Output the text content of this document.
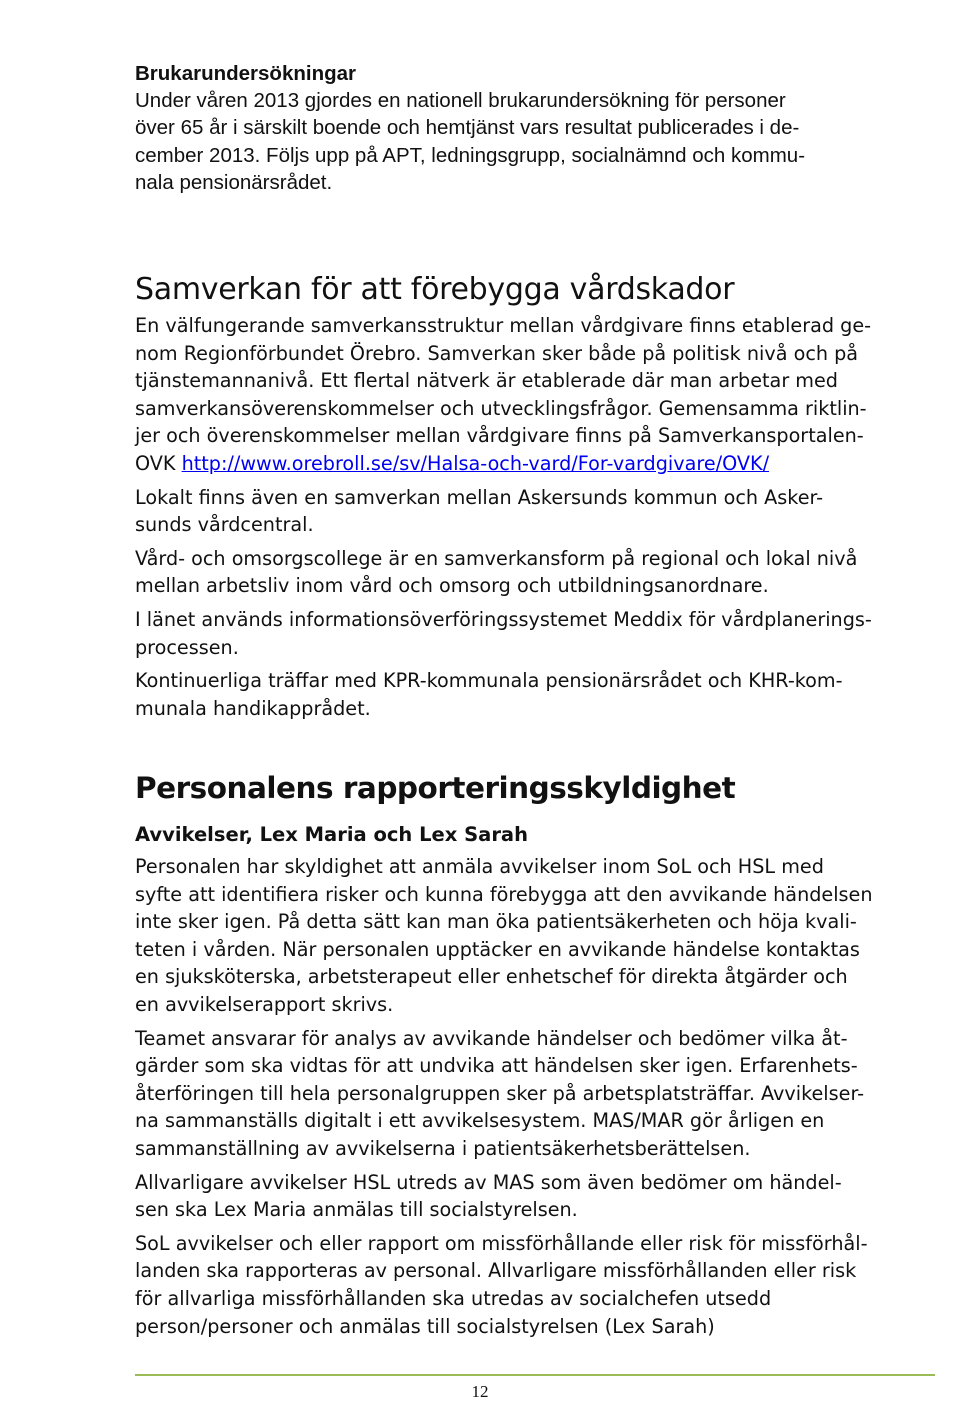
Brukarundersökningar

Under våren 2013 gjordes en nationell brukarundersökning för personer

över 65 år i särskilt boende och hemtjänst vars resultat publicerades i de-

cember 2013. Följs upp på APT, ledningsgrupp, socialnämnd och kommu-

nala pensionärsrådet.

Samverkan för att förebygga vårdskador

En välfungerande samverkansstruktur mellan vårdgivare finns etablerad ge-

nom Regionförbundet Örebro. Samverkan sker både på politisk nivå och på

tjänstemannanivå. Ett flertal nätverk är etablerade där man arbetar med

samverkansöverenskommelser och utvecklingsfrågor. Gemensamma riktlin-

jer och överenskommelser mellan vårdgivare finns på Samverkansportalen-

OVK http://www.orebroll.se/sv/Halsa-och-vard/For-vardgivare/OVK/

Lokalt finns även en samverkan mellan Askersunds kommun och Asker-

sunds vårdcentral.

Vård- och omsorgscollege är en samverkansform på regional och lokal nivå

mellan arbetsliv inom vård och omsorg och utbildningsanordnare.

I länet används informationsöverföringssystemet Meddix för vårdplanerings-

processen.

Kontinuerliga träffar med KPR-kommunala pensionärsrådet och KHR-kom-

munala handikapprådet.

Personalens rapporteringsskyldighet

Avvikelser, Lex Maria och Lex Sarah

Personalen har skyldighet att anmäla avvikelser inom SoL och HSL med

syfte att identifiera risker och kunna förebygga att den avvikande händelsen

inte sker igen. På detta sätt kan man öka patientsäkerheten och höja kvali-

teten i vården. När personalen upptäcker en avvikande händelse kontaktas

en sjuksköterska, arbetsterapeut eller enhetschef för direkta åtgärder och

en avvikelserapport skrivs.

Teamet ansvarar för analys av avvikande händelser och bedömer vilka åt-

gärder som ska vidtas för att undvika att händelsen sker igen. Erfarenhets-

återföringen till hela personalgruppen sker på arbetsplatsträffar. Avvikelser-

na sammanställs digitalt i ett avvikelsesystem. MAS/MAR gör årligen en

sammanställning av avvikelserna i patientsäkerhetsberättelsen.

Allvarligare avvikelser HSL utreds av MAS som även bedömer om händel-

sen ska Lex Maria anmälas till socialstyrelsen.

SoL avvikelser och eller rapport om missförhållande eller risk för missförhål-

landen ska rapporteras av personal. Allvarligare missförhållanden eller risk

för allvarliga missförhållanden ska utredas av socialchefen utsedd

person/personer och anmälas till socialstyrelsen (Lex Sarah)

12
